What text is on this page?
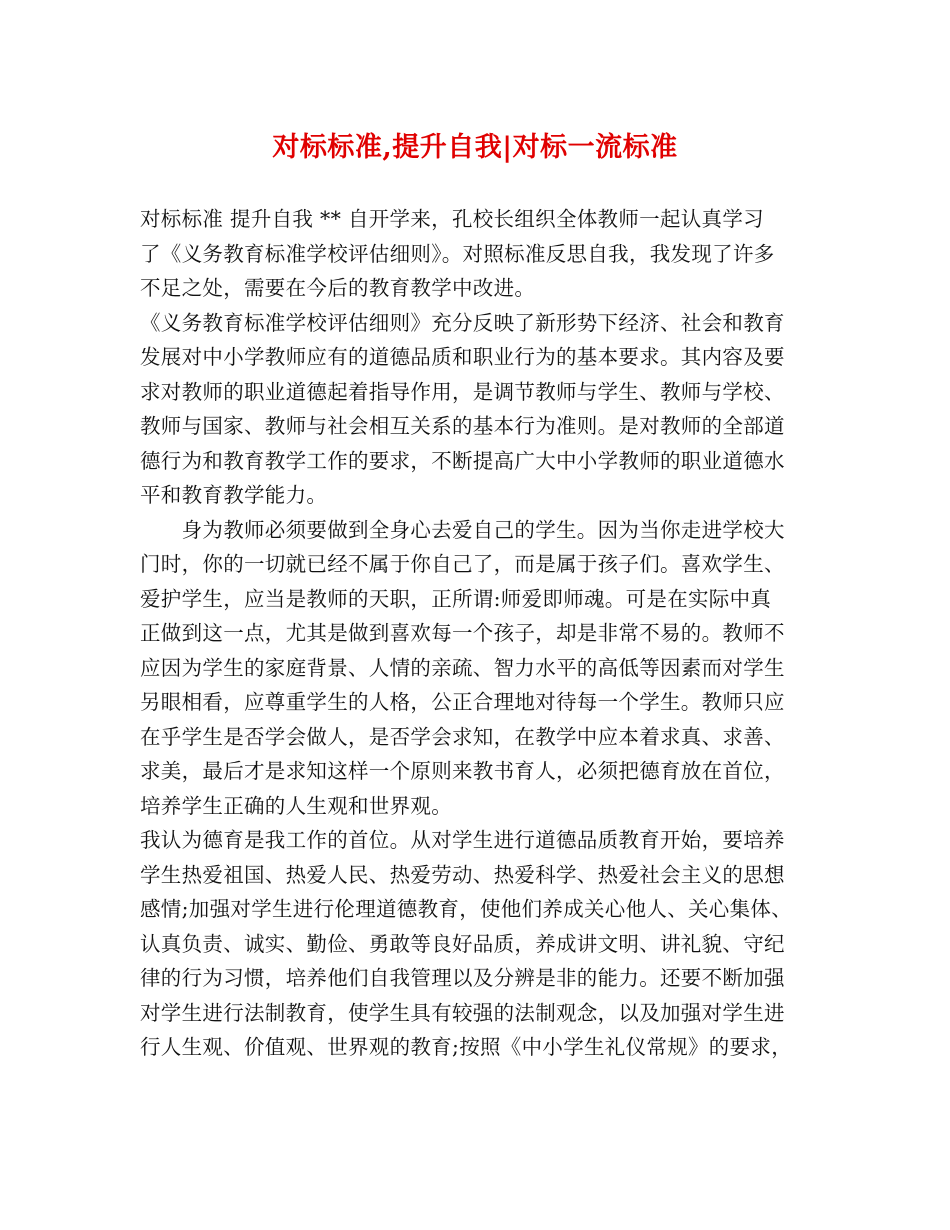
对标标准,提升自我|对标一流标准
对标标准 提升自我 ** 自开学来，孔校长组织全体教师一起认真学习
了《义务教育标准学校评估细则》。对照标准反思自我，我发现了许多
不足之处，需要在今后的教育教学中改进。
《义务教育标准学校评估细则》充分反映了新形势下经济、社会和教育
发展对中小学教师应有的道德品质和职业行为的基本要求。其内容及要
求对教师的职业道德起着指导作用，是调节教师与学生、教师与学校、
教师与国家、教师与社会相互关系的基本行为准则。是对教师的全部道
德行为和教育教学工作的要求，不断提高广大中小学教师的职业道德水
平和教育教学能力。
　　身为教师必须要做到全身心去爱自己的学生。因为当你走进学校大
门时，你的一切就已经不属于你自己了，而是属于孩子们。喜欢学生、
爱护学生，应当是教师的天职，正所谓:师爱即师魂。可是在实际中真
正做到这一点，尤其是做到喜欢每一个孩子，却是非常不易的。教师不
应因为学生的家庭背景、人情的亲疏、智力水平的高低等因素而对学生
另眼相看，应尊重学生的人格，公正合理地对待每一个学生。教师只应
在乎学生是否学会做人，是否学会求知，在教学中应本着求真、求善、
求美，最后才是求知这样一个原则来教书育人，必须把德育放在首位，
培养学生正确的人生观和世界观。
我认为德育是我工作的首位。从对学生进行道德品质教育开始，要培养
学生热爱祖国、热爱人民、热爱劳动、热爱科学、热爱社会主义的思想
感情;加强对学生进行伦理道德教育，使他们养成关心他人、关心集体、
认真负责、诚实、勤俭、勇敢等良好品质，养成讲文明、讲礼貌、守纪
律的行为习惯，培养他们自我管理以及分辨是非的能力。还要不断加强
对学生进行法制教育，使学生具有较强的法制观念，以及加强对学生进
行人生观、价值观、世界观的教育;按照《中小学生礼仪常规》的要求，
